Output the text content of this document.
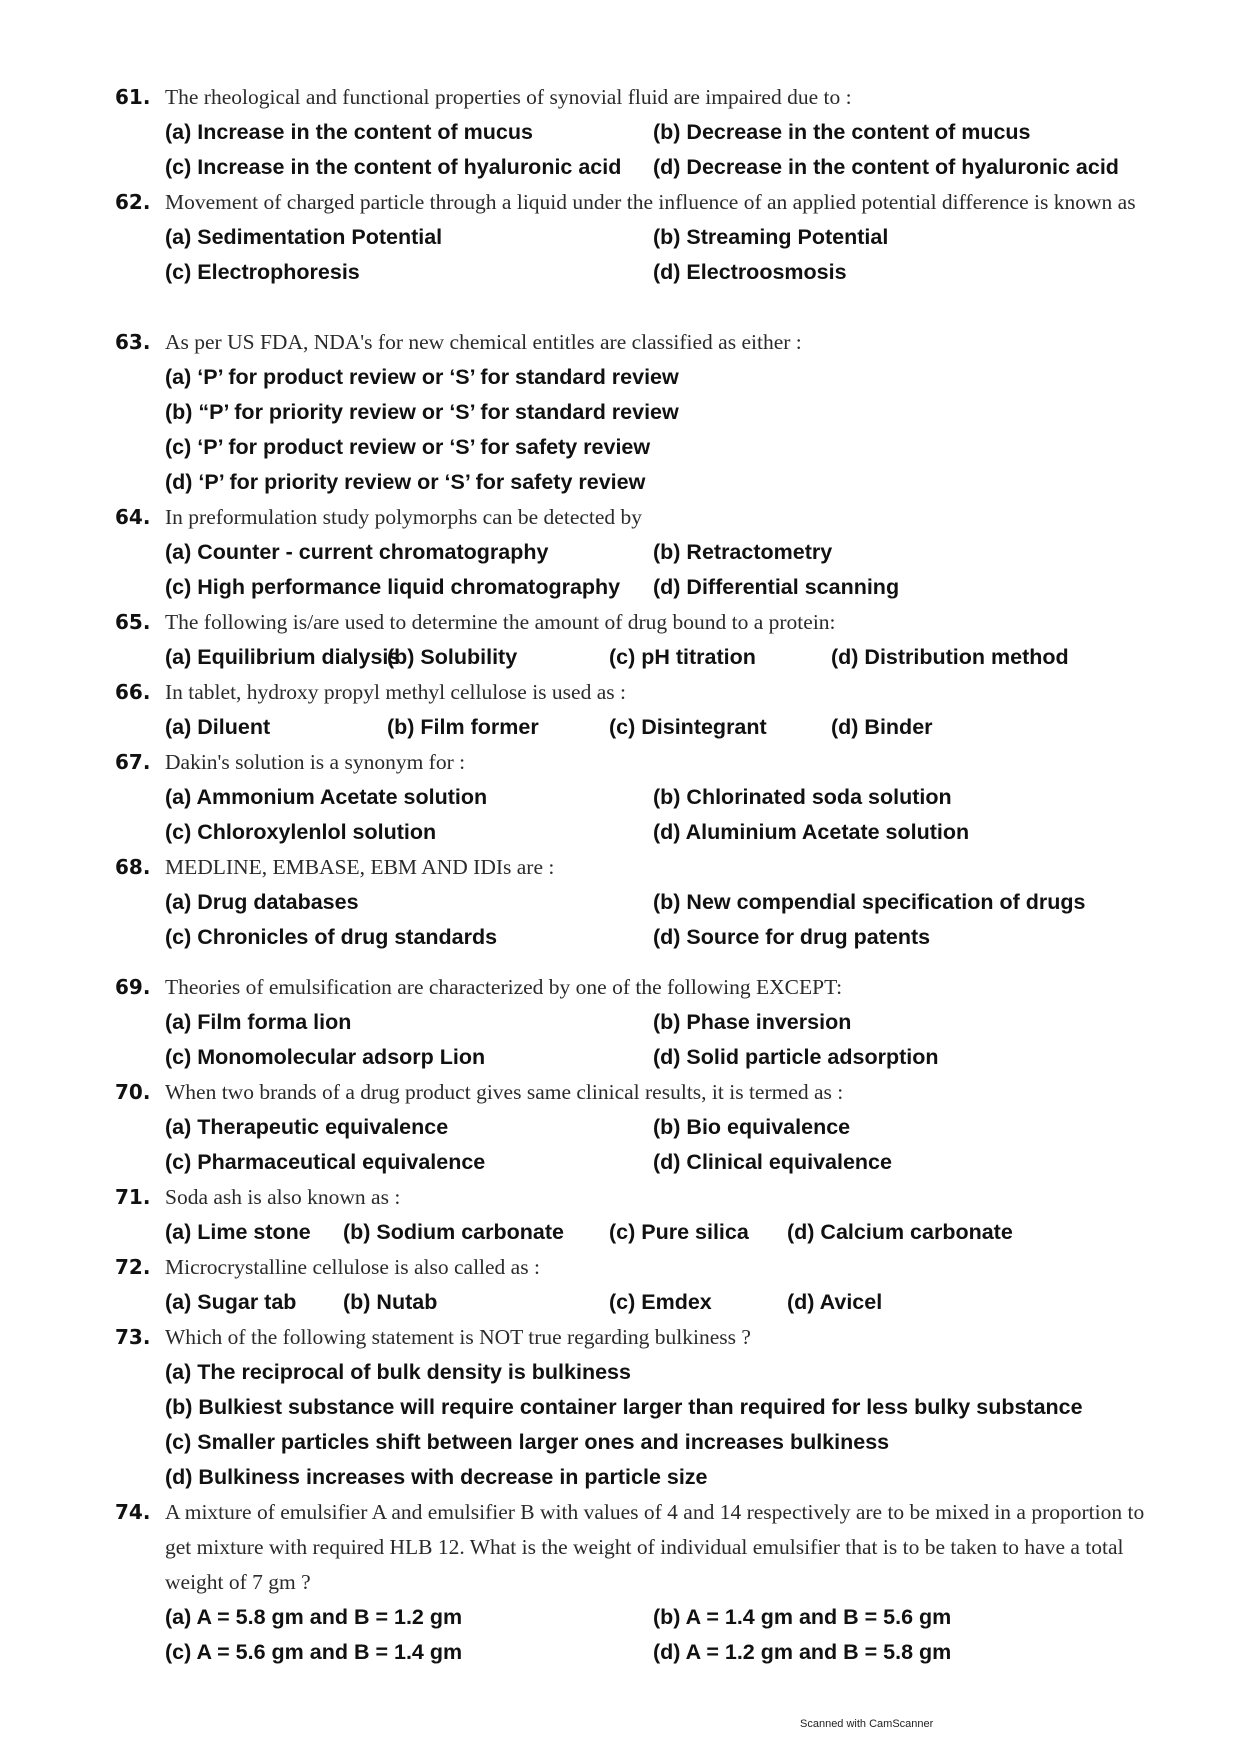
61. The rheological and functional properties of synovial fluid are impaired due to :
(a) Increase in the content of mucus	(b) Decrease in the content of mucus
(c) Increase in the content of hyaluronic acid	(d) Decrease in the content of hyaluronic acid
62. Movement of charged particle through a liquid under the influence of an applied potential difference is known as
(a) Sedimentation Potential	(b) Streaming Potential
(c) Electrophoresis	(d) Electroosmosis
63. As per US FDA, NDA's for new chemical entitles are classified as either :
(a) ‘P’ for product review or ‘S’ for standard review
(b) “P’ for priority review or ‘S’ for standard review
(c) ‘P’ for product review or ‘S’ for safety review
(d) ‘P’ for priority review or ‘S’ for safety review
64. In preformulation study polymorphs can be detected by
(a) Counter - current chromatography	(b) Retractometry
(c) High performance liquid chromatography	(d) Differential scanning
65. The following is/are used to determine the amount of drug bound to a protein:
(a) Equilibrium dialysis
(b) Solubility	(c) pH titration	(d) Distribution method
66. In tablet, hydroxy propyl methyl cellulose is used as :
(a) Diluent	(b) Film former	(c) Disintegrant	(d) Binder
67. Dakin's solution is a synonym for :
(a) Ammonium Acetate solution	(b) Chlorinated soda solution
(c) Chloroxylenlol solution	(d) Aluminium Acetate solution
68. MEDLINE, EMBASE, EBM AND IDIs are :
(a) Drug databases	(b) New compendial specification of drugs
(c) Chronicles of drug standards	(d) Source for drug patents
69. Theories of emulsification are characterized by one of the following EXCEPT:
(a) Film forma lion	(b) Phase inversion
(c) Monomolecular adsorp Lion	(d) Solid particle adsorption
70. When two brands of a drug product gives same clinical results, it is termed as :
(a) Therapeutic equivalence	(b) Bio equivalence
(c) Pharmaceutical equivalence	(d) Clinical equivalence
71. Soda ash is also known as :
(a) Lime stone	(b) Sodium carbonate	(c) Pure silica	(d) Calcium carbonate
72. Microcrystalline cellulose is also called as :
(a) Sugar tab	(b) Nutab	(c) Emdex	(d) Avicel
73. Which of the following statement is NOT true regarding bulkiness ?
(a) The reciprocal of bulk density is bulkiness
(b) Bulkiest substance will require container larger than required for less bulky substance
(c) Smaller particles shift between larger ones and increases bulkiness
(d) Bulkiness increases with decrease in particle size
74. A mixture of emulsifier A and emulsifier B with values of 4 and 14 respectively are to be mixed in a proportion to get mixture with required HLB 12. What is the weight of individual emulsifier that is to be taken to have a total weight of 7 gm ?
(a) A = 5.8 gm and B = 1.2 gm	(b) A = 1.4 gm and B = 5.6 gm
(c) A = 5.6 gm and B = 1.4 gm	(d) A = 1.2 gm and B = 5.8 gm
Scanned with CamScanner
